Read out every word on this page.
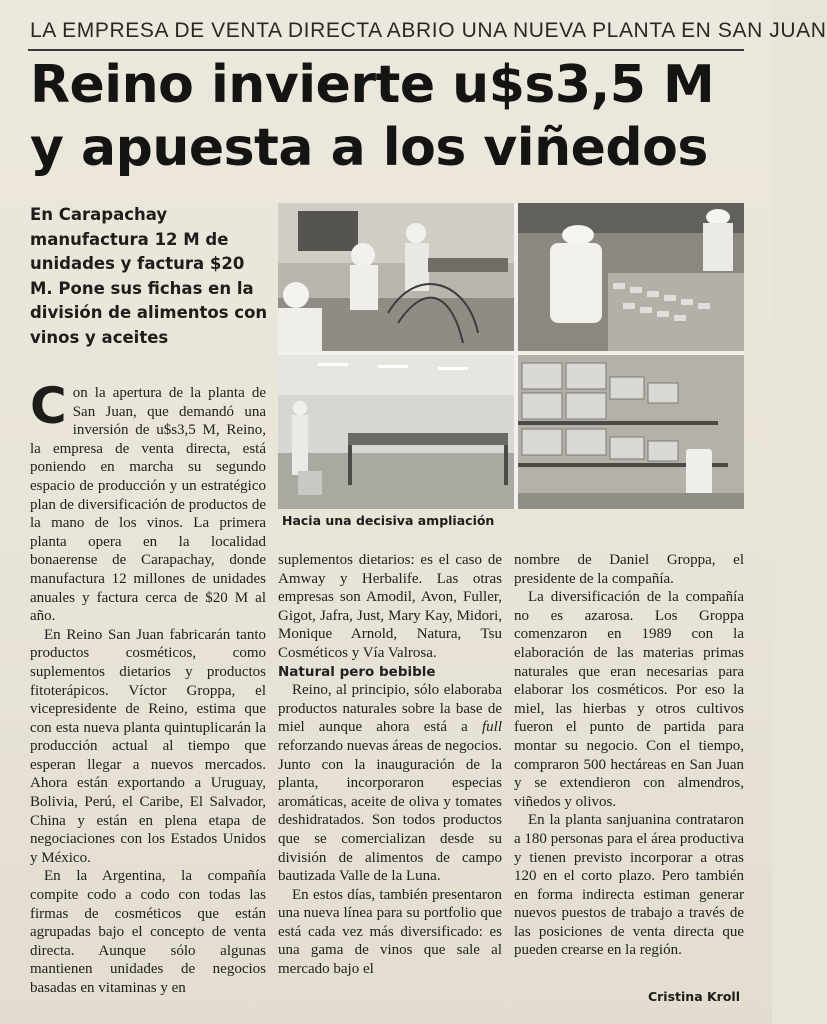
LA EMPRESA DE VENTA DIRECTA ABRIO UNA NUEVA PLANTA EN SAN JUAN
Reino invierte u$s3,5 M
y apuesta a los viñedos
En Carapachay manufactura 12 M de unidades y factura $20 M. Pone sus fichas en la división de alimentos con vinos y aceites
Hacia una decisiva ampliación

Con la apertura de la planta de San Juan, que demandó una inversión de u$s3,5 M, Reino, la empresa de venta directa, está poniendo en marcha su segundo espacio de producción y un estratégico plan de diversificación de productos de la mano de los vinos. La primera planta opera en la localidad bonaerense de Carapachay, donde manufactura 12 millones de unidades anuales y factura cerca de $20 M al año.

En Reino San Juan fabricarán tanto productos cosméticos, como suplementos dietarios y productos fitoterápicos. Víctor Groppa, el vicepresidente de Reino, estima que con esta nueva planta quintuplicarán la producción actual al tiempo que esperan llegar a nuevos mercados. Ahora están exportando a Uruguay, Bolivia, Perú, el Caribe, El Salvador, China y están en plena etapa de negociaciones con los Estados Unidos y México.

En la Argentina, la compañía compite codo a codo con todas las firmas de cosméticos que están agrupadas bajo el concepto de venta directa. Aunque sólo algunas mantienen unidades de negocios basadas en vitaminas y en

suplementos dietarios: es el caso de Amway y Herbalife. Las otras empresas son Amodil, Avon, Fuller, Gigot, Jafra, Just, Mary Kay, Midori, Monique Arnold, Natura, Tsu Cosméticos y Vía Valrosa.

Natural pero bebible

Reino, al principio, sólo elaboraba productos naturales sobre la base de miel aunque ahora está a full reforzando nuevas áreas de negocios. Junto con la inauguración de la planta, incorporaron especias aromáticas, aceite de oliva y tomates deshidratados. Son todos productos que se comercializan desde su división de alimentos de campo bautizada Valle de la Luna.

En estos días, también presentaron una nueva línea para su portfolio que está cada vez más diversificado: es una gama de vinos que sale al mercado bajo el

nombre de Daniel Groppa, el presidente de la compañía.

La diversificación de la compañía no es azarosa. Los Groppa comenzaron en 1989 con la elaboración de las materias primas naturales que eran necesarias para elaborar los cosméticos. Por eso la miel, las hierbas y otros cultivos fueron el punto de partida para montar su negocio. Con el tiempo, compraron 500 hectáreas en San Juan y se extendieron con almendros, viñedos y olivos.

En la planta sanjuanina contrataron a 180 personas para el área productiva y tienen previsto incorporar a otras 120 en el corto plazo. Pero también en forma indirecta estiman generar nuevos puestos de trabajo a través de las posiciones de venta directa que pueden crearse en la región.

Cristina Kroll
